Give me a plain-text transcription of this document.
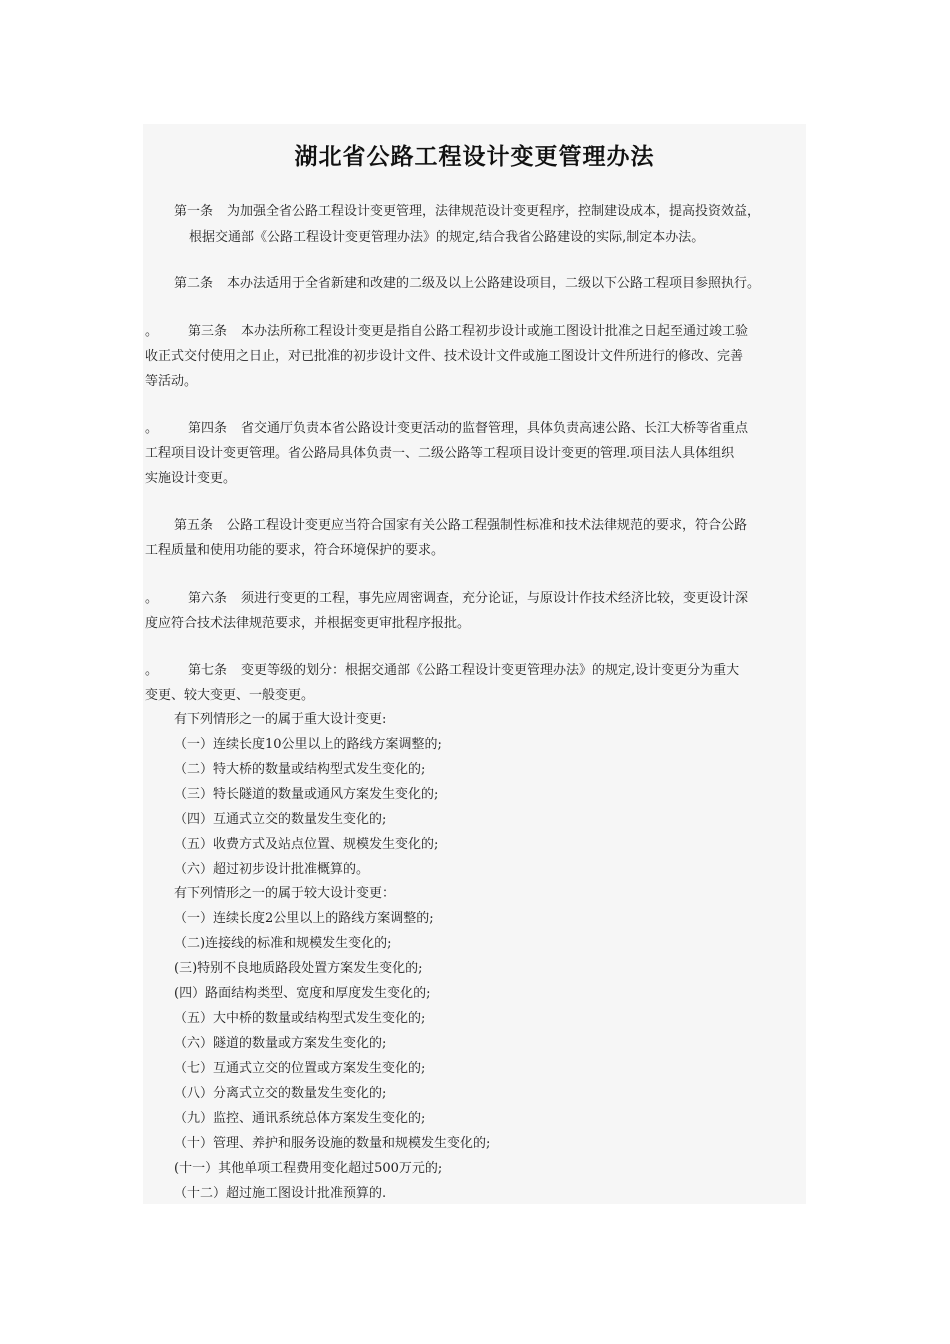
湖北省公路工程设计变更管理办法
第一条 为加强全省公路工程设计变更管理，法律规范设计变更程序，控制建设成本，提高投资效益，
根据交通部《公路工程设计变更管理办法》的规定,结合我省公路建设的实际,制定本办法。
第二条 本办法适用于全省新建和改建的二级及以上公路建设项目，二级以下公路工程项目参照执行。
。 第三条 本办法所称工程设计变更是指自公路工程初步设计或施工图设计批准之日起至通过竣工验
收正式交付使用之日止，对已批准的初步设计文件、技术设计文件或施工图设计文件所进行的修改、完善
等活动。
。 第四条 省交通厅负责本省公路设计变更活动的监督管理，具体负责高速公路、长江大桥等省重点
工程项目设计变更管理。省公路局具体负责一、二级公路等工程项目设计变更的管理.项目法人具体组织
实施设计变更。
第五条 公路工程设计变更应当符合国家有关公路工程强制性标准和技术法律规范的要求，符合公路
工程质量和使用功能的要求，符合环境保护的要求。
。 第六条 须进行变更的工程，事先应周密调查，充分论证，与原设计作技术经济比较，变更设计深
度应符合技术法律规范要求，并根据变更审批程序报批。
。 第七条 变更等级的划分：根据交通部《公路工程设计变更管理办法》的规定,设计变更分为重大
变更、较大变更、一般变更。
有下列情形之一的属于重大设计变更:
（一）连续长度10公里以上的路线方案调整的;
（二）特大桥的数量或结构型式发生变化的;
（三）特长隧道的数量或通风方案发生变化的;
（四）互通式立交的数量发生变化的;
（五）收费方式及站点位置、规模发生变化的;
（六）超过初步设计批准概算的。
有下列情形之一的属于较大设计变更：
（一）连续长度2公里以上的路线方案调整的;
（二)连接线的标准和规模发生变化的;
(三)特别不良地质路段处置方案发生变化的;
(四）路面结构类型、宽度和厚度发生变化的;
（五）大中桥的数量或结构型式发生变化的;
（六）隧道的数量或方案发生变化的;
（七）互通式立交的位置或方案发生变化的;
（八）分离式立交的数量发生变化的;
（九）监控、通讯系统总体方案发生变化的;
（十）管理、养护和服务设施的数量和规模发生变化的;
(十一）其他单项工程费用变化超过500万元的;
（十二）超过施工图设计批准预算的.
